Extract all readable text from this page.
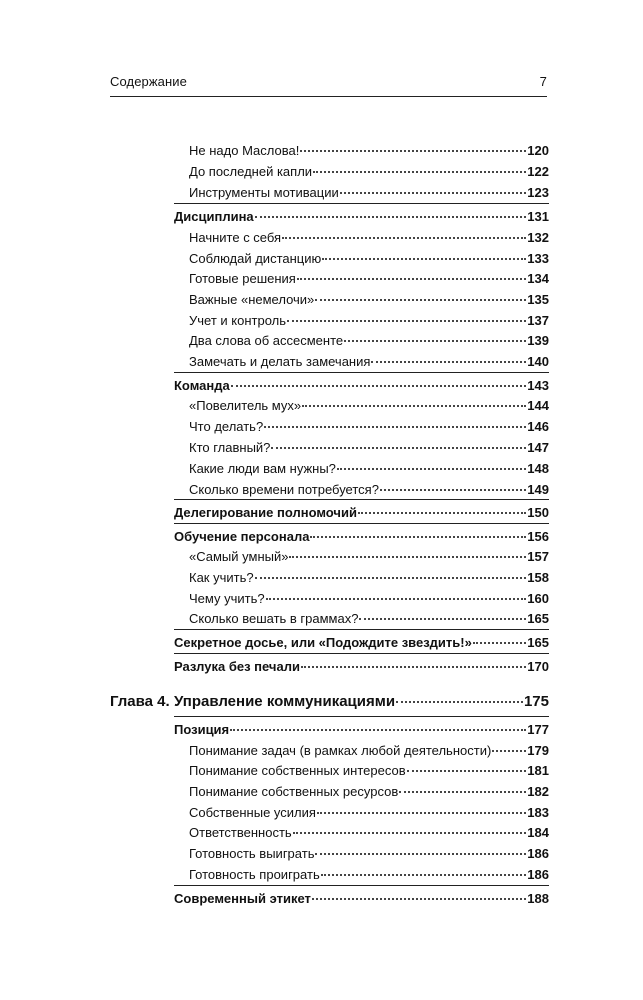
Содержание	7
Не надо Маслова!	120
До последней капли	122
Инструменты мотивации	123
Дисциплина	131
Начните с себя	132
Соблюдай дистанцию	133
Готовые решения	134
Важные «немелочи»	135
Учет и контроль	137
Два слова об ассесменте	139
Замечать и делать замечания	140
Команда	143
«Повелитель мух»	144
Что делать?	146
Кто главный?	147
Какие люди вам нужны?	148
Сколько времени потребуется?	149
Делегирование полномочий	150
Обучение персонала	156
«Самый умный»	157
Как учить?	158
Чему учить?	160
Сколько вешать в граммах?	165
Секретное досье, или «Подождите звездить!»	165
Разлука без печали	170
Глава 4. Управление коммуникациями	175
Позиция	177
Понимание задач (в рамках любой деятельности)	179
Понимание собственных интересов	181
Понимание собственных ресурсов	182
Собственные усилия	183
Ответственность	184
Готовность выиграть	186
Готовность проиграть	186
Современный этикет	188
